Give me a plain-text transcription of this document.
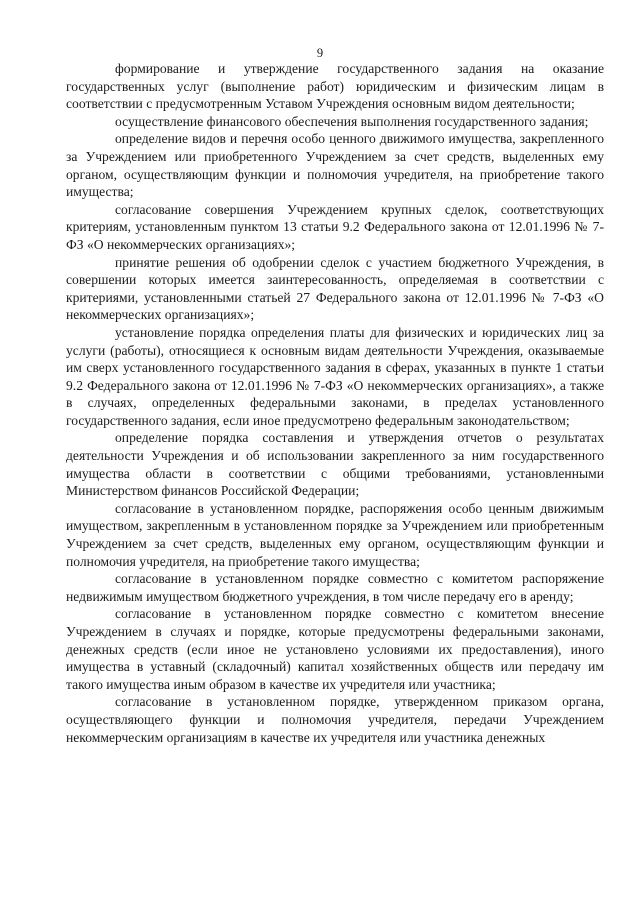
9

формирование и утверждение государственного задания на оказание государственных услуг (выполнение работ) юридическим и физическим лицам в соответствии с предусмотренным Уставом Учреждения основным видом деятельности;

осуществление финансового обеспечения выполнения государственного задания;

определение видов и перечня особо ценного движимого имущества, закрепленного за Учреждением или приобретенного Учреждением за счет средств, выделенных ему органом, осуществляющим функции и полномочия учредителя, на приобретение такого имущества;

согласование совершения Учреждением крупных сделок, соответствующих критериям, установленным пунктом 13 статьи 9.2 Федерального закона от 12.01.1996 № 7-ФЗ «О некоммерческих организациях»;

принятие решения об одобрении сделок с участием бюджетного Учреждения, в совершении которых имеется заинтересованность, определяемая в соответствии с критериями, установленными статьей 27 Федерального закона от 12.01.1996 № 7-ФЗ «О некоммерческих организациях»;

установление порядка определения платы для физических и юридических лиц за услуги (работы), относящиеся к основным видам деятельности Учреждения, оказываемые им сверх установленного государственного задания в сферах, указанных в пункте 1 статьи 9.2 Федерального закона от 12.01.1996 № 7-ФЗ «О некоммерческих организациях», а также в случаях, определенных федеральными законами, в пределах установленного государственного задания, если иное предусмотрено федеральным законодательством;

определение порядка составления и утверждения отчетов о результатах деятельности Учреждения и об использовании закрепленного за ним государственного имущества области в соответствии с общими требованиями, установленными Министерством финансов Российской Федерации;

согласование в установленном порядке, распоряжения особо ценным движимым имуществом, закрепленным в установленном порядке за Учреждением или приобретенным Учреждением за счет средств, выделенных ему органом, осуществляющим функции и полномочия учредителя, на приобретение такого имущества;

согласование в установленном порядке совместно с комитетом распоряжение недвижимым имуществом бюджетного учреждения, в том числе передачу его в аренду;

согласование в установленном порядке совместно с комитетом внесение Учреждением в случаях и порядке, которые предусмотрены федеральными законами, денежных средств (если иное не установлено условиями их предоставления), иного имущества в уставный (складочный) капитал хозяйственных обществ или передачу им такого имущества иным образом в качестве их учредителя или участника;

согласование в установленном порядке, утвержденном приказом органа, осуществляющего функции и полномочия учредителя, передачи Учреждением некоммерческим организациям в качестве их учредителя или участника денежных
